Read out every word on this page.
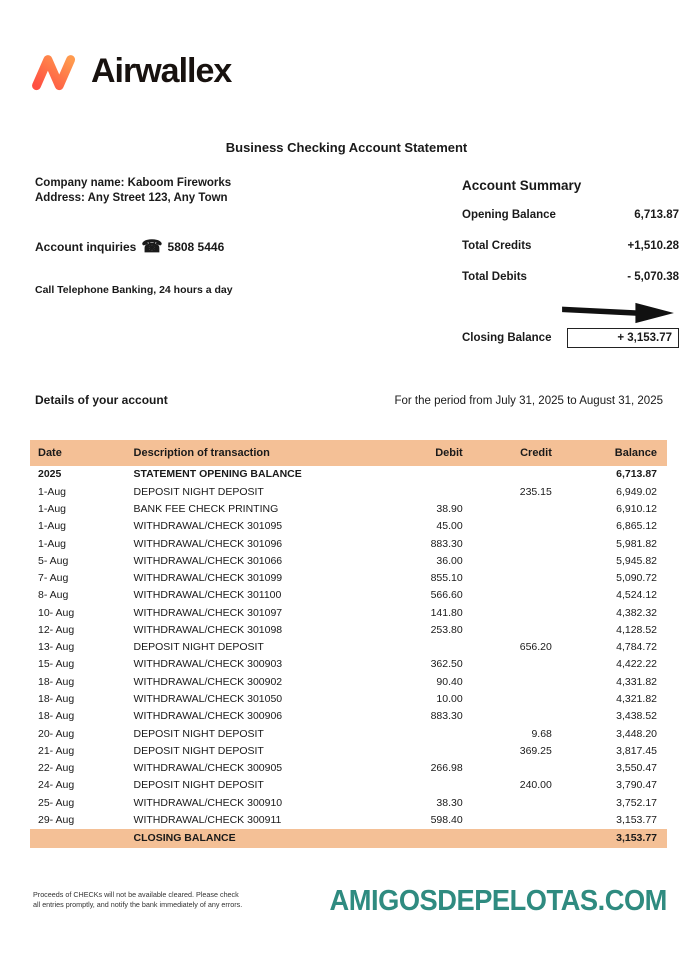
Airwallex
Business Checking Account Statement
Company name: Kaboom Fireworks
Address: Any Street 123, Any Town
Account inquiries ☎ 5808 5446
Call Telephone Banking, 24 hours a day
Account Summary
Opening Balance	6,713.87
Total Credits	+1,510.28
Total Debits	- 5,070.38
Closing Balance	+ 3,153.77
Details of your account	For the period from July 31, 2025 to August 31, 2025
Date	Description of transaction	Debit	Credit	Balance
2025	STATEMENT OPENING BALANCE			6,713.87
1-Aug	DEPOSIT NIGHT DEPOSIT		235.15	6,949.02
1-Aug	BANK FEE CHECK PRINTING	38.90		6,910.12
1-Aug	WITHDRAWAL/CHECK 301095	45.00		6,865.12
1-Aug	WITHDRAWAL/CHECK 301096	883.30		5,981.82
5- Aug	WITHDRAWAL/CHECK 301066	36.00		5,945.82
7- Aug	WITHDRAWAL/CHECK 301099	855.10		5,090.72
8- Aug	WITHDRAWAL/CHECK 301100	566.60		4,524.12
10- Aug	WITHDRAWAL/CHECK 301097	141.80		4,382.32
12- Aug	WITHDRAWAL/CHECK 301098	253.80		4,128.52
13- Aug	DEPOSIT NIGHT DEPOSIT		656.20	4,784.72
15- Aug	WITHDRAWAL/CHECK 300903	362.50		4,422.22
18- Aug	WITHDRAWAL/CHECK 300902	90.40		4,331.82
18- Aug	WITHDRAWAL/CHECK 301050	10.00		4,321.82
18- Aug	WITHDRAWAL/CHECK 300906	883.30		3,438.52
20- Aug	DEPOSIT NIGHT DEPOSIT		9.68	3,448.20
21- Aug	DEPOSIT NIGHT DEPOSIT		369.25	3,817.45
22- Aug	WITHDRAWAL/CHECK 300905	266.98		3,550.47
24- Aug	DEPOSIT NIGHT DEPOSIT		240.00	3,790.47
25- Aug	WITHDRAWAL/CHECK 300910	38.30		3,752.17
29- Aug	WITHDRAWAL/CHECK 300911	598.40		3,153.77
	CLOSING BALANCE			3,153.77
Proceeds of CHECKs will not be available cleared. Please check all entries promptly, and notify the bank immediately of any errors.	AMIGOSDEPELOTAS.COM
